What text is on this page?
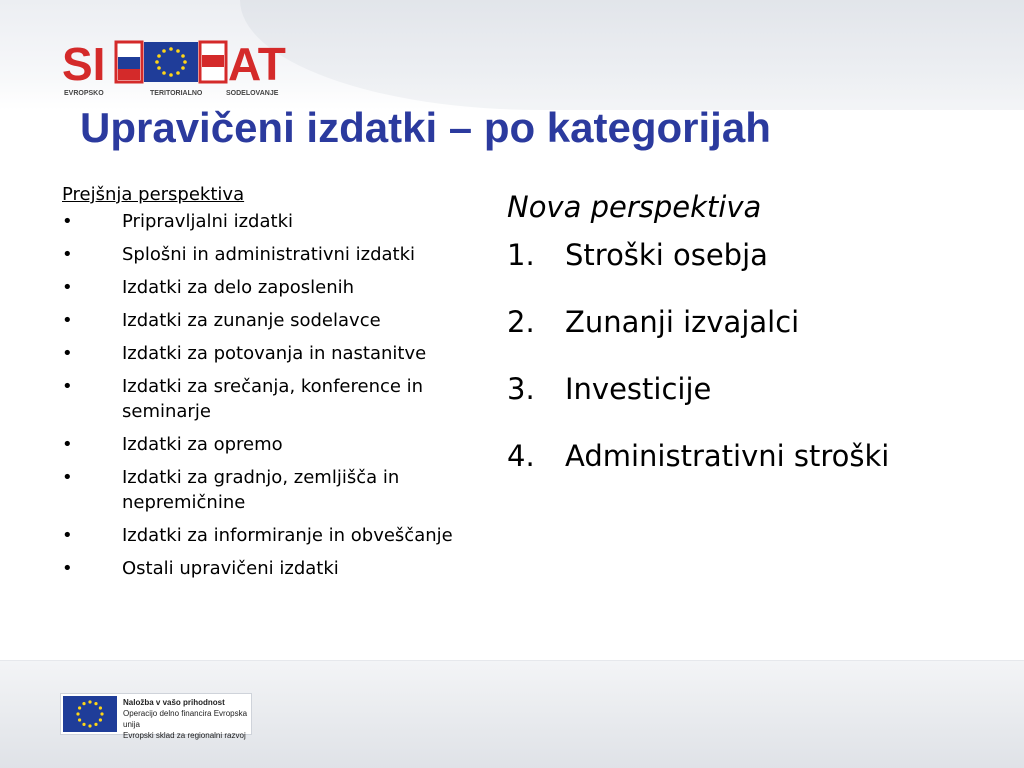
SI	AT
EVROPSKO	TERITORIALNO	SODELOVANJE
Upravičeni izdatki – po kategorijah
Prejšnja perspektiva
•	Pripravljalni izdatki
•	Splošni in administrativni izdatki
•	Izdatki za delo zaposlenih
•	Izdatki za zunanje sodelavce
•	Izdatki za potovanja in nastanitve
•	Izdatki za srečanja, konference in seminarje
•	Izdatki za opremo
•	Izdatki za gradnjo, zemljišča in nepremičnine
•	Izdatki za informiranje in obveščanje
•	Ostali upravičeni izdatki
Nova perspektiva
1. Stroški osebja
2. Zunanji izvajalci
3. Investicije
4. Administrativni stroški
Naložba v vašo prihodnost
Operacijo delno financira Evropska unija
Evropski sklad za regionalni razvoj
